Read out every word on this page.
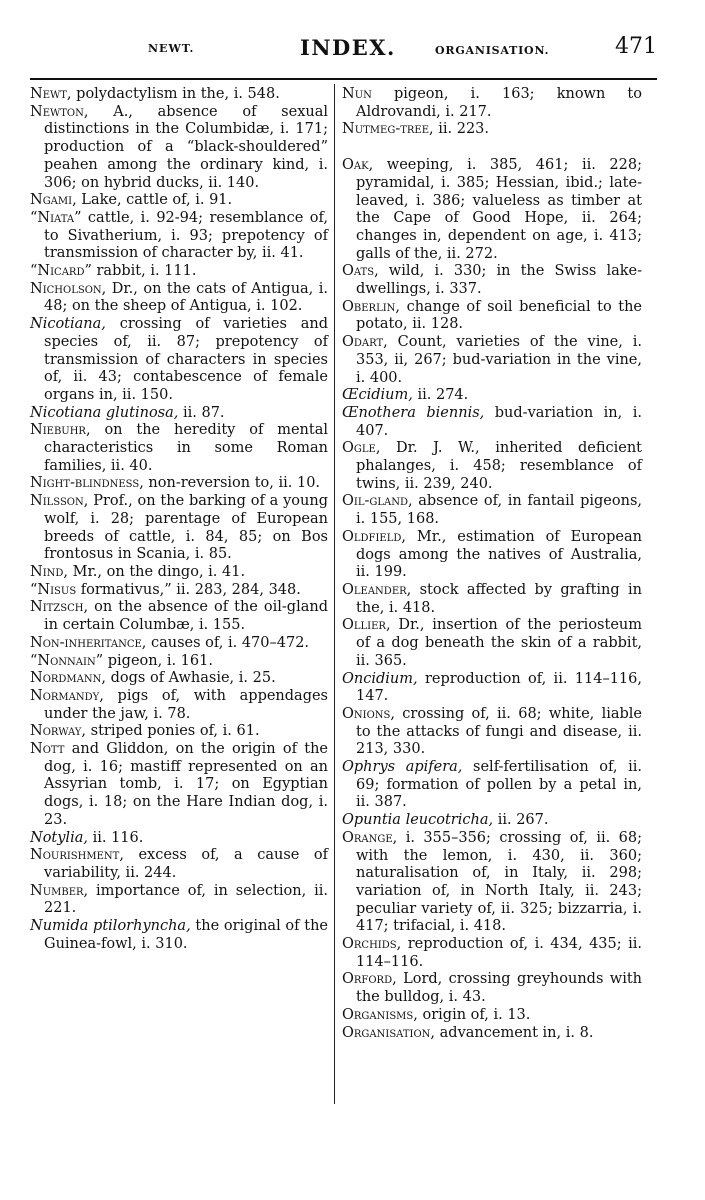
NEWT.	INDEX.	ORGANISATION.	471
Newt, polydactylism in the, i. 548.
Newton, A., absence of sexual distinctions in the Columbidæ, i. 171; production of a “black-shouldered” peahen among the ordinary kind, i. 306; on hybrid ducks, ii. 140.
Ngami, Lake, cattle of, i. 91.
“Niata” cattle, i. 92-94; resemblance of, to Sivatherium, i. 93; prepotency of transmission of character by, ii. 41.
“Nicard” rabbit, i. 111.
Nicholson, Dr., on the cats of Antigua, i. 48; on the sheep of Antigua, i. 102.
Nicotiana, crossing of varieties and species of, ii. 87; prepotency of transmission of characters in species of, ii. 43; contabescence of female organs in, ii. 150.
Nicotiana glutinosa, ii. 87.
Niebuhr, on the heredity of mental characteristics in some Roman families, ii. 40.
Night-blindness, non-reversion to, ii. 10.
Nilsson, Prof., on the barking of a young wolf, i. 28; parentage of European breeds of cattle, i. 84, 85; on Bos frontosus in Scania, i. 85.
Nind, Mr., on the dingo, i. 41.
“Nisus formativus,” ii. 283, 284, 348.
Nitzsch, on the absence of the oil-gland in certain Columbæ, i. 155.
Non-inheritance, causes of, i. 470–472.
“Nonnain” pigeon, i. 161.
Nordmann, dogs of Awhasie, i. 25.
Normandy, pigs of, with appendages under the jaw, i. 78.
Norway, striped ponies of, i. 61.
Nott and Gliddon, on the origin of the dog, i. 16; mastiff represented on an Assyrian tomb, i. 17; on Egyptian dogs, i. 18; on the Hare Indian dog, i. 23.
Notylia, ii. 116.
Nourishment, excess of, a cause of variability, ii. 244.
Number, importance of, in selection, ii. 221.
Numida ptilorhyncha, the original of the Guinea-fowl, i. 310.
Nun pigeon, i. 163; known to Aldrovandi, i. 217.
Nutmeg-tree, ii. 223.
Oak, weeping, i. 385, 461; ii. 228; pyramidal, i. 385; Hessian, ibid.; late-leaved, i. 386; valueless as timber at the Cape of Good Hope, ii. 264; changes in, dependent on age, i. 413; galls of the, ii. 272.
Oats, wild, i. 330; in the Swiss lake-dwellings, i. 337.
Oberlin, change of soil beneficial to the potato, ii. 128.
Odart, Count, varieties of the vine, i. 353, ii, 267; bud-variation in the vine, i. 400.
Œcidium, ii. 274.
Œnothera biennis, bud-variation in, i. 407.
Ogle, Dr. J. W., inherited deficient phalanges, i. 458; resemblance of twins, ii. 239, 240.
Oil-gland, absence of, in fantail pigeons, i. 155, 168.
Oldfield, Mr., estimation of European dogs among the natives of Australia, ii. 199.
Oleander, stock affected by grafting in the, i. 418.
Ollier, Dr., insertion of the periosteum of a dog beneath the skin of a rabbit, ii. 365.
Oncidium, reproduction of, ii. 114–116, 147.
Onions, crossing of, ii. 68; white, liable to the attacks of fungi and disease, ii. 213, 330.
Ophrys apifera, self-fertilisation of, ii. 69; formation of pollen by a petal in, ii. 387.
Opuntia leucotricha, ii. 267.
Orange, i. 355–356; crossing of, ii. 68; with the lemon, i. 430, ii. 360; naturalisation of, in Italy, ii. 298; variation of, in North Italy, ii. 243; peculiar variety of, ii. 325; bizzarria, i. 417; trifacial, i. 418.
Orchids, reproduction of, i. 434, 435; ii. 114–116.
Orford, Lord, crossing greyhounds with the bulldog, i. 43.
Organisms, origin of, i. 13.
Organisation, advancement in, i. 8.
